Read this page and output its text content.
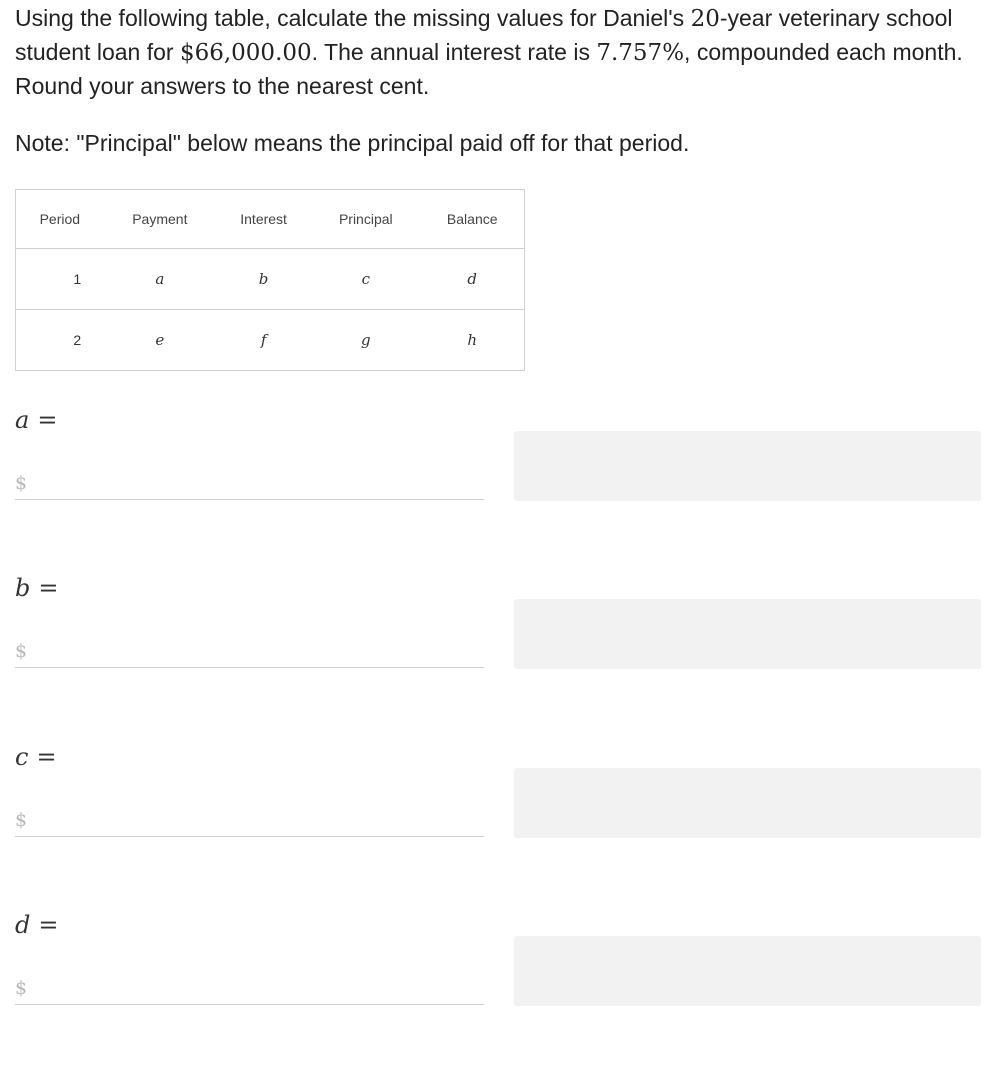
Using the following table, calculate the missing values for Daniel's 20-year veterinary school student loan for $66,000.00. The annual interest rate is 7.757%, compounded each month. Round your answers to the nearest cent.
Note: "Principal" below means the principal paid off for that period.
Period	Payment	Interest	Principal	Balance
1	a	b	c	d
2	e	f	g	h
a =
$
b =
$
c =
$
d =
$
